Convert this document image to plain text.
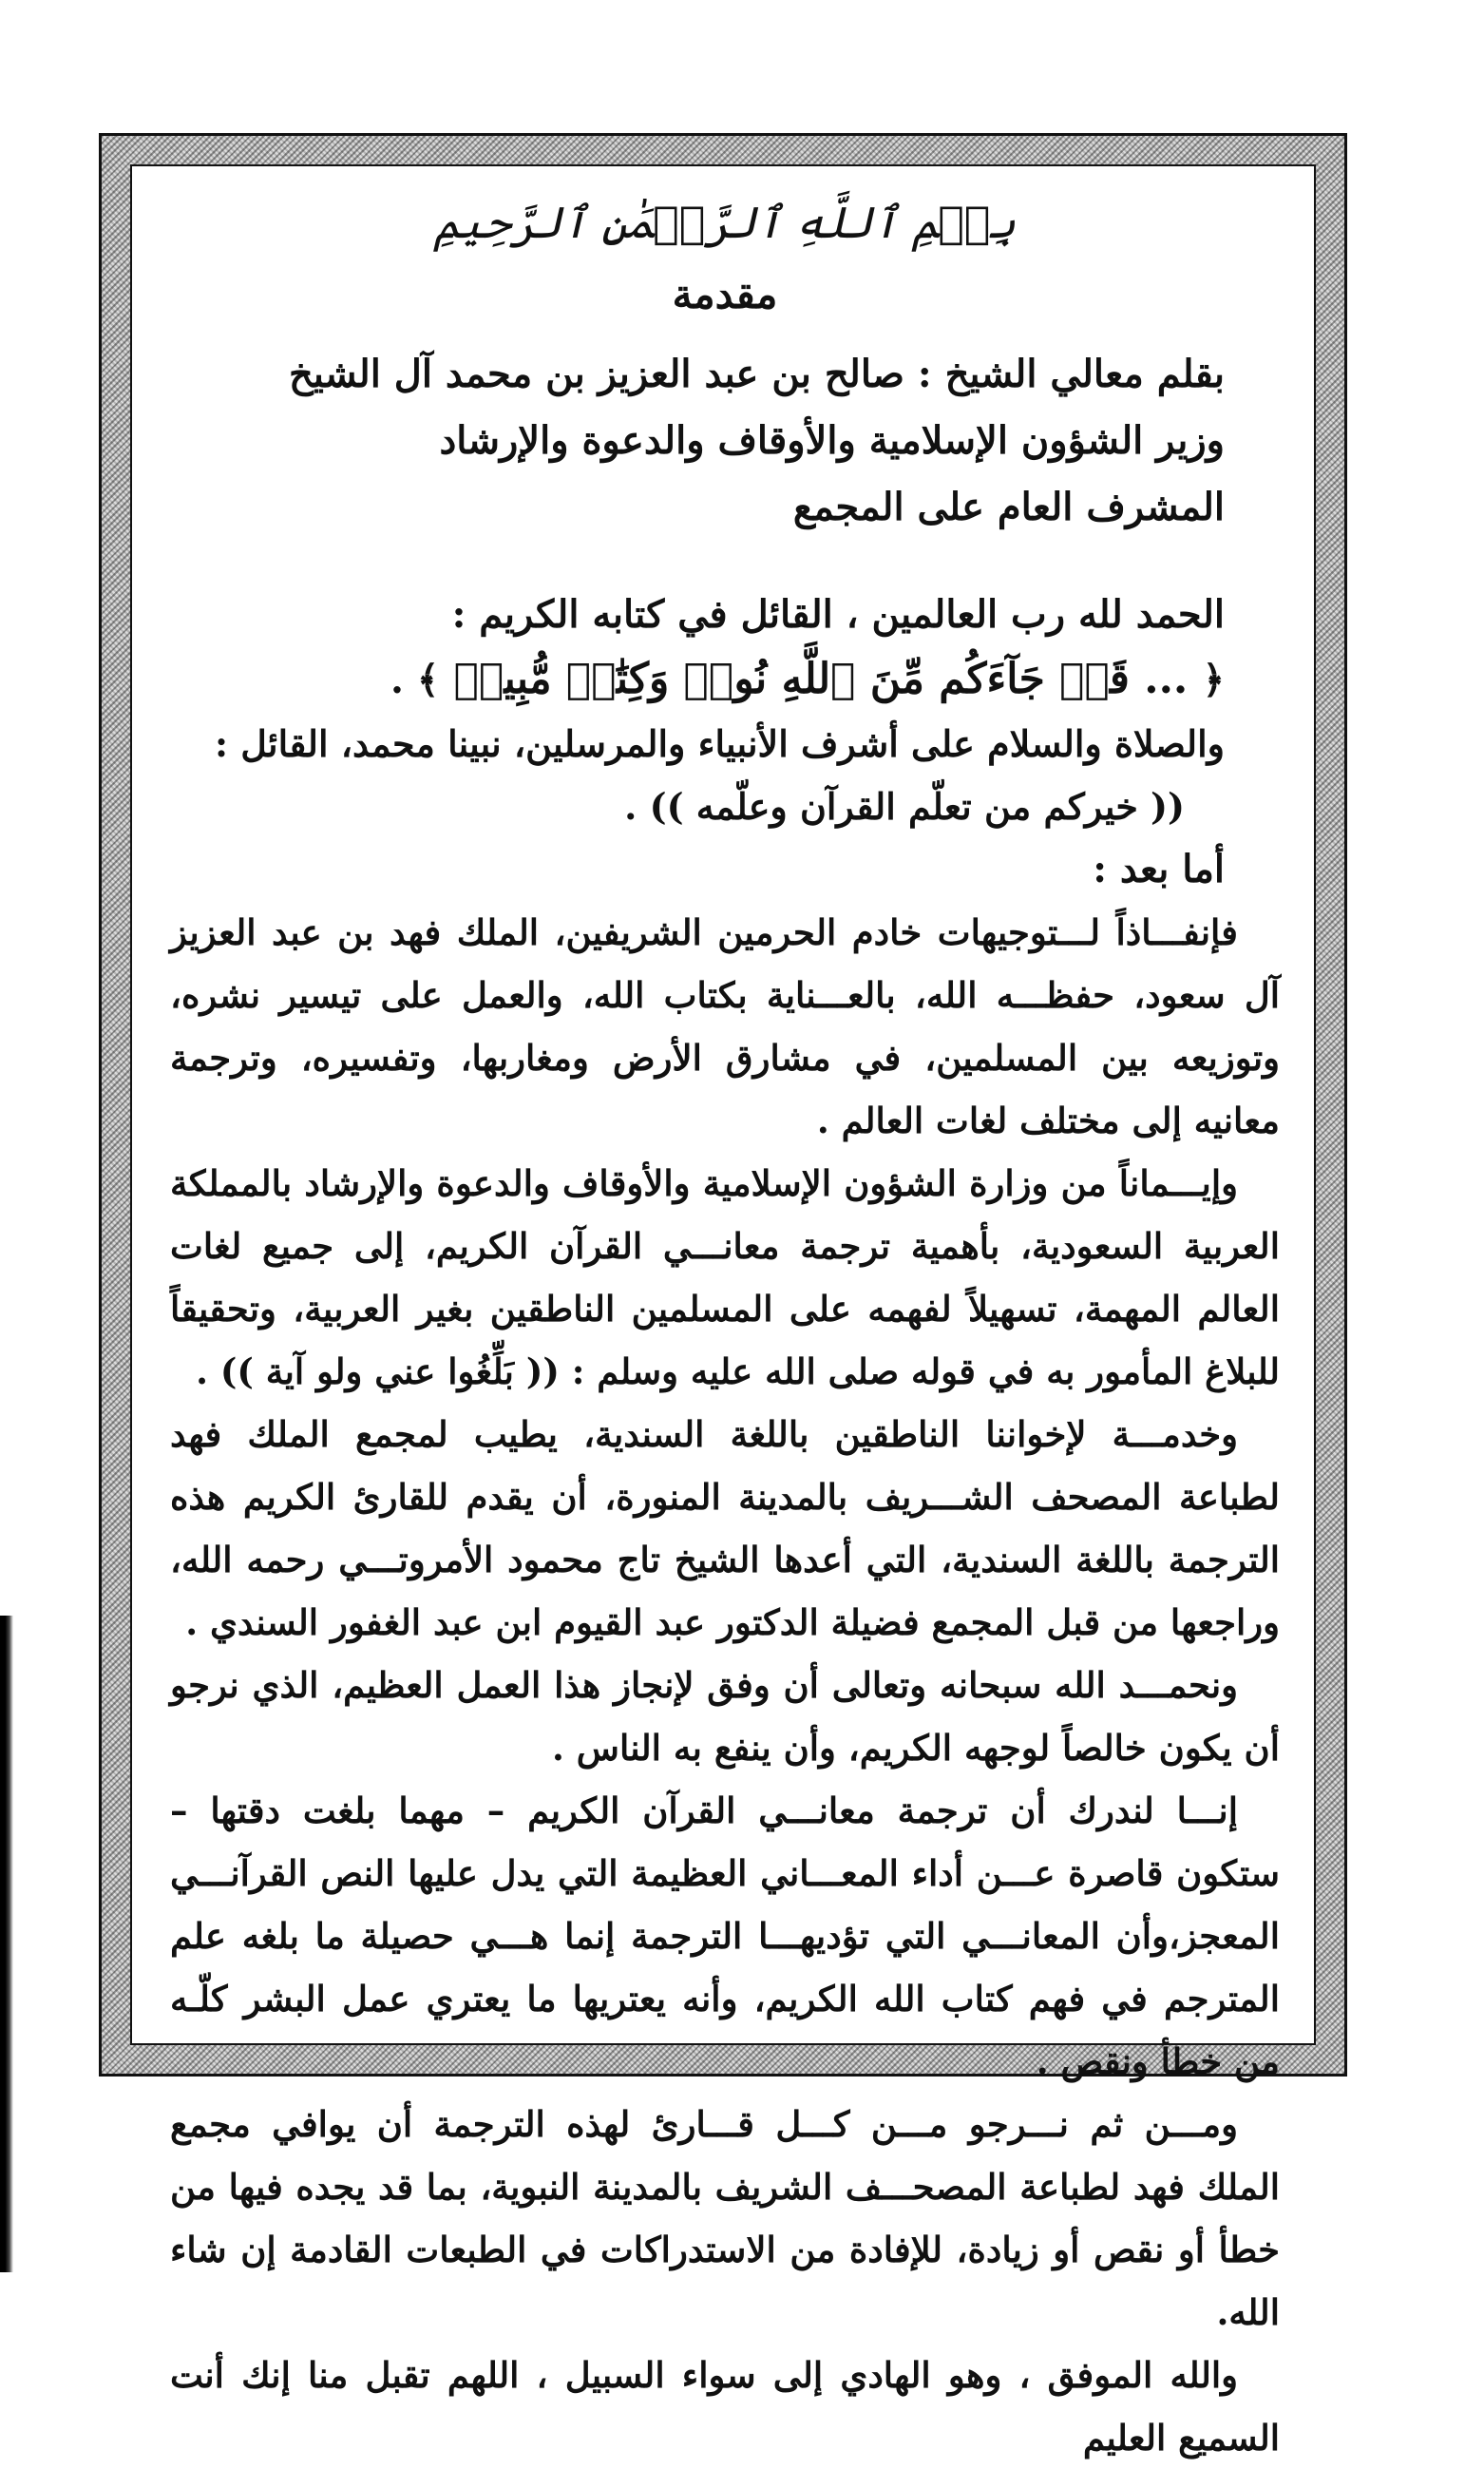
بِسۡمِ ٱللَّهِ ٱلرَّحۡمَٰنِ ٱلرَّحِيمِ
مقدمة
بقلم معالي الشيخ : صالح بن عبد العزيز بن محمد آل الشيخ
وزير الشؤون الإسلامية والأوقاف والدعوة والإرشاد
المشرف العام على المجمع
الحمد لله رب العالمين ، القائل في كتابه الكريم :
﴿ ... قَدۡ جَآءَكُم مِّنَ ٱللَّهِ نُورٞ وَكِتَٰبٞ مُّبِينٞ ﴾ .
والصلاة والسلام على أشرف الأنبياء والمرسلين، نبينا محمد، القائل :
(( خيركم من تعلّم القرآن وعلّمه )) .
أما بعد :

فإنفـــاذاً لـــتوجيهات خادم الحرمين الشريفين، الملك فهد بن عبد العزيز آل سعود، حفظـــه الله، بالعـــناية بكتاب الله، والعمل على تيسير نشره، وتوزيعه بين المسلمين، في مشارق الأرض ومغاربها، وتفسيره، وترجمة معانيه إلى مختلف لغات العالم .

وإيـــماناً من وزارة الشؤون الإسلامية والأوقاف والدعوة والإرشاد بالمملكة العربية السعودية، بأهمية ترجمة معانـــي القرآن الكريم، إلى جميع لغات العالم المهمة، تسهيلاً لفهمه على المسلمين الناطقين بغير العربية، وتحقيقاً للبلاغ المأمور به في قوله صلى الله عليه وسلم : (( بَلِّغُوا عني ولو آية )) .

وخدمـــة لإخواننا الناطقين باللغة السندية، يطيب لمجمع الملك فهد لطباعة المصحف الشـــريف بالمدينة المنورة، أن يقدم للقارئ الكريم هذه الترجمة باللغة السندية، التي أعدها الشيخ تاج محمود الأمروتـــي رحمه الله، وراجعها من قبل المجمع فضيلة الدكتور عبد القيوم ابن عبد الغفور السندي .

ونحمـــد الله سبحانه وتعالى أن وفق لإنجاز هذا العمل العظيم، الذي نرجو أن يكون خالصاً لوجهه الكريم، وأن ينفع به الناس .

إنـــا لندرك أن ترجمة معانـــي القرآن الكريم – مهما بلغت دقتها – ستكون قاصرة عـــن أداء المعـــاني العظيمة التي يدل عليها النص القرآنـــي المعجز،وأن المعانـــي التي تؤديهـــا الترجمة إنما هـــي حصيلة ما بلغه علم المترجم في فهم كتاب الله الكريم، وأنه يعتريها ما يعتري عمل البشر كلّـه من خطأ ونقص .

ومـــن ثم نـــرجو مـــن كـــل قـــارئ لهذه الترجمة أن يوافي مجمع الملك فهد لطباعة المصحـــف الشريف بالمدينة النبوية، بما قد يجده فيها من خطأ أو نقص أو زيادة، للإفادة من الاستدراكات في الطبعات القادمة إن شاء الله.

والله الموفق ، وهو الهادي إلى سواء السبيل ، اللهم تقبل منا إنك أنت السميع العليم
